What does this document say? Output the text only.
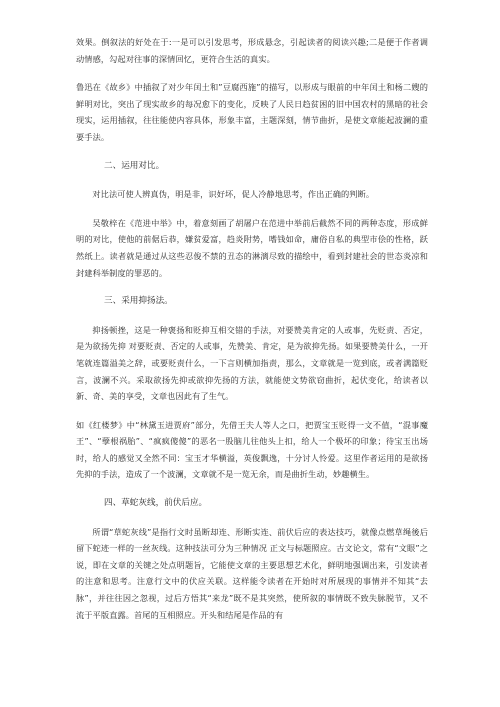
效果。倒叙法的好处在于:一是可以引发思考，形成悬念，引起读者的阅读兴趣;二是便于作者调动情感，勾起对往事的深情回忆，更符合生活的真实。

鲁迅在《故乡》中插叙了对少年闰土和”豆腐西施”的描写，以形成与眼前的中年闰土和杨二嫂的鲜明对比，突出了现实故乡的每况愈下的变化，反映了人民日趋贫困的旧中国农村的黑暗的社会现实，运用插叙，往往能使内容具体，形象丰富，主题深刻，情节曲折，是使文章能起波澜的重要手法。

二、运用对比。

对比法可使人辨真伪，明是非，识好坏，促人冷静地思考，作出正确的判断。

吴敬梓在《范进中举》中，着意刻画了胡屠户在范进中举前后截然不同的两种态度，形成鲜明的对比，使他的前倨后恭，嫌贫爱富，趋炎附势，嗜钱如命，庸俗自私的典型市侩的性格，跃然纸上。读者就是通过从这些忍俊不禁的丑态的淋漓尽致的描绘中，看到封建社会的世态炎凉和封建科举制度的罪恶的。

三、采用抑扬法。

抑扬顿挫，这是一种褒扬和贬抑互相交错的手法，对要赞美肯定的人或事，先贬责、否定，是为欲扬先抑 对要贬责、否定的人或事，先赞美、肯定，是为欲抑先扬。如果要赞美什么，一开笔就连篇溢美之辞，或要贬责什么，一下言则横加指责，那么，文章就是一览到底，或者满篇贬言，波澜不兴。采取欲扬先抑或欲抑先扬的方法，就能使文势欲窃曲折，起伏变化，给读者以新、奇、美的享受，文章也因此有了生气。

如《红楼梦》中“林黛玉进贾府”部分，先借王夫人等人之口，把贾宝玉贬得一文不值，“混事魔王”、“孽根祸胎”、“疯疯傻傻”的恶名一股脑儿往他头上扣，给人一个极坏的印象；待宝玉出场时，给人的感觉又全然不同：宝玉才华横溢，英俊飘逸，十分讨人怜爱。这里作者运用的是欲扬先抑的手法，造成了一个波澜，文章就不是一览无余，而是曲折生动，妙趣横生。

四、草蛇灰线，前伏后应。

所谓“草蛇灰线”是指行文时虽断却连、形断实连、前伏后应的表达技巧，就像点燃草绳後后留下蛇迹一样的一丝灰线。这种技法可分为三种情况 正文与标题照应。古文论文，常有“文眼”之说，即在文章的关键之处点明题旨，它能使文章的主要思想艺术化，鲜明地强调出来，引发读者的注意和思考。注意行文中的伏应关联。这样能令读者在开始时对所展现的事情并不知其“去脉”，并往往因之忽视，过后方悟其“来龙”既不是其突然，使所叙的事情既不致失脉脱节，又不流于平版直露。首尾的互相照应。开头和结尾是作品的有
